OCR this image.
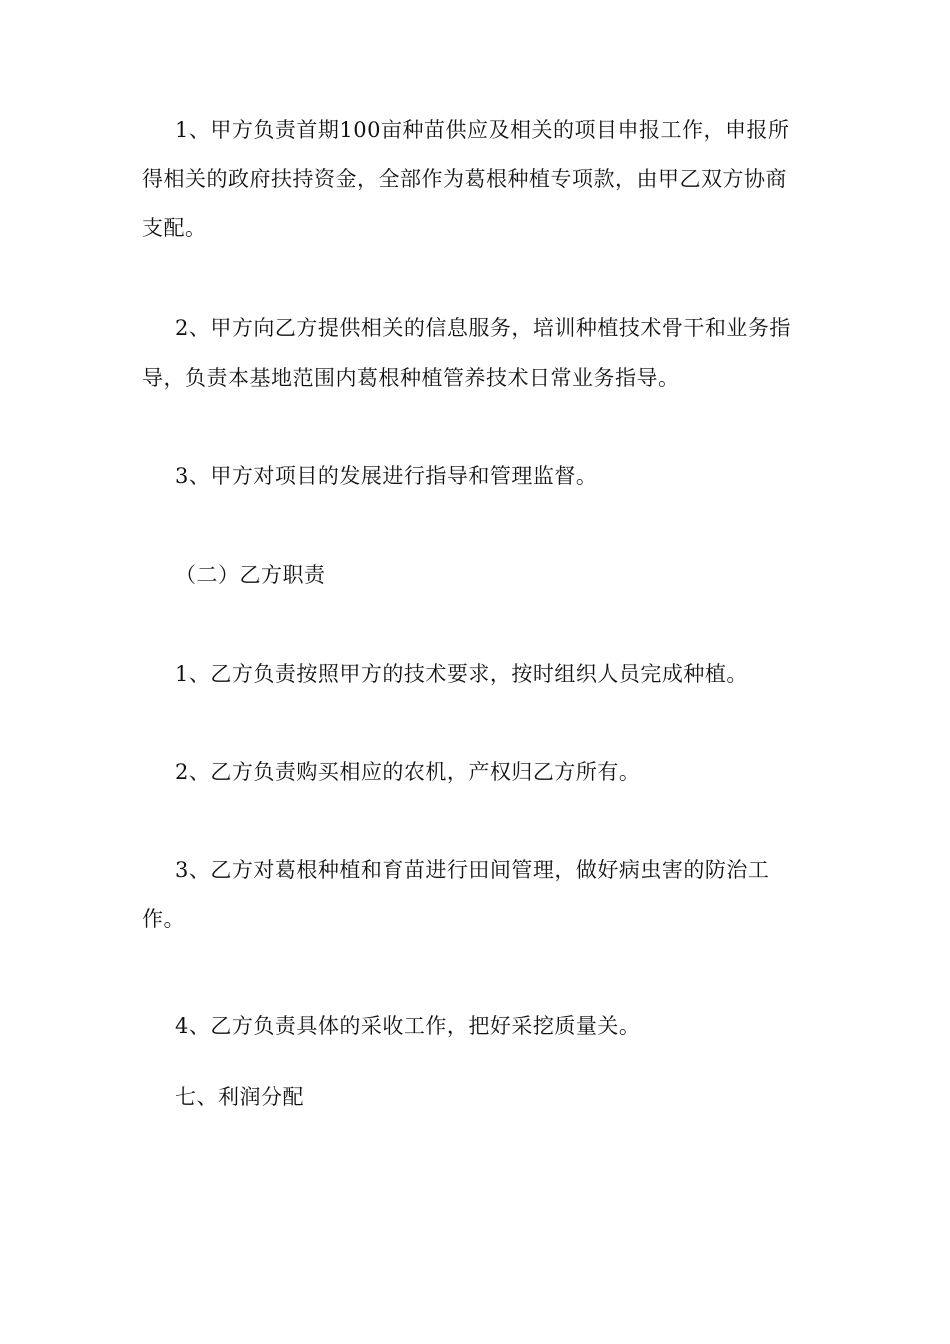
1、甲方负责首期100亩种苗供应及相关的项目申报工作，申报所
得相关的政府扶持资金，全部作为葛根种植专项款，由甲乙双方协商
支配。
2、甲方向乙方提供相关的信息服务，培训种植技术骨干和业务指
导，负责本基地范围内葛根种植管养技术日常业务指导。
3、甲方对项目的发展进行指导和管理监督。
（二）乙方职责
1、乙方负责按照甲方的技术要求，按时组织人员完成种植。
2、乙方负责购买相应的农机，产权归乙方所有。
3、乙方对葛根种植和育苗进行田间管理，做好病虫害的防治工
作。
4、乙方负责具体的采收工作，把好采挖质量关。
七、利润分配
